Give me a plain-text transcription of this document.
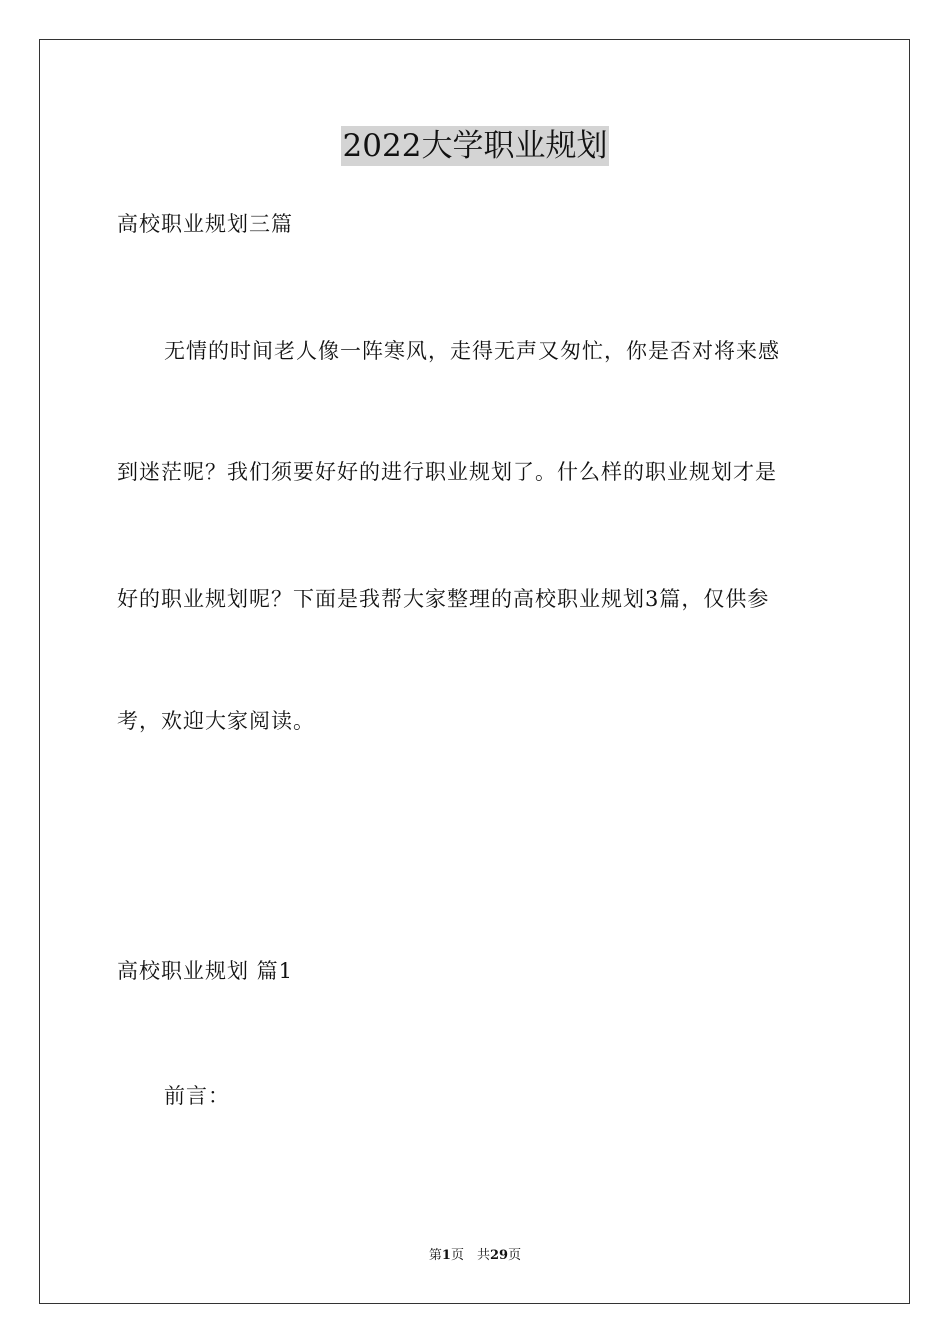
2022大学职业规划
高校职业规划三篇
无情的时间老人像一阵寒风，走得无声又匆忙，你是否对将来感
到迷茫呢？我们须要好好的进行职业规划了。什么样的职业规划才是
好的职业规划呢？下面是我帮大家整理的高校职业规划3篇，仅供参
考，欢迎大家阅读。
高校职业规划 篇1
前言：
第1页　共29页
